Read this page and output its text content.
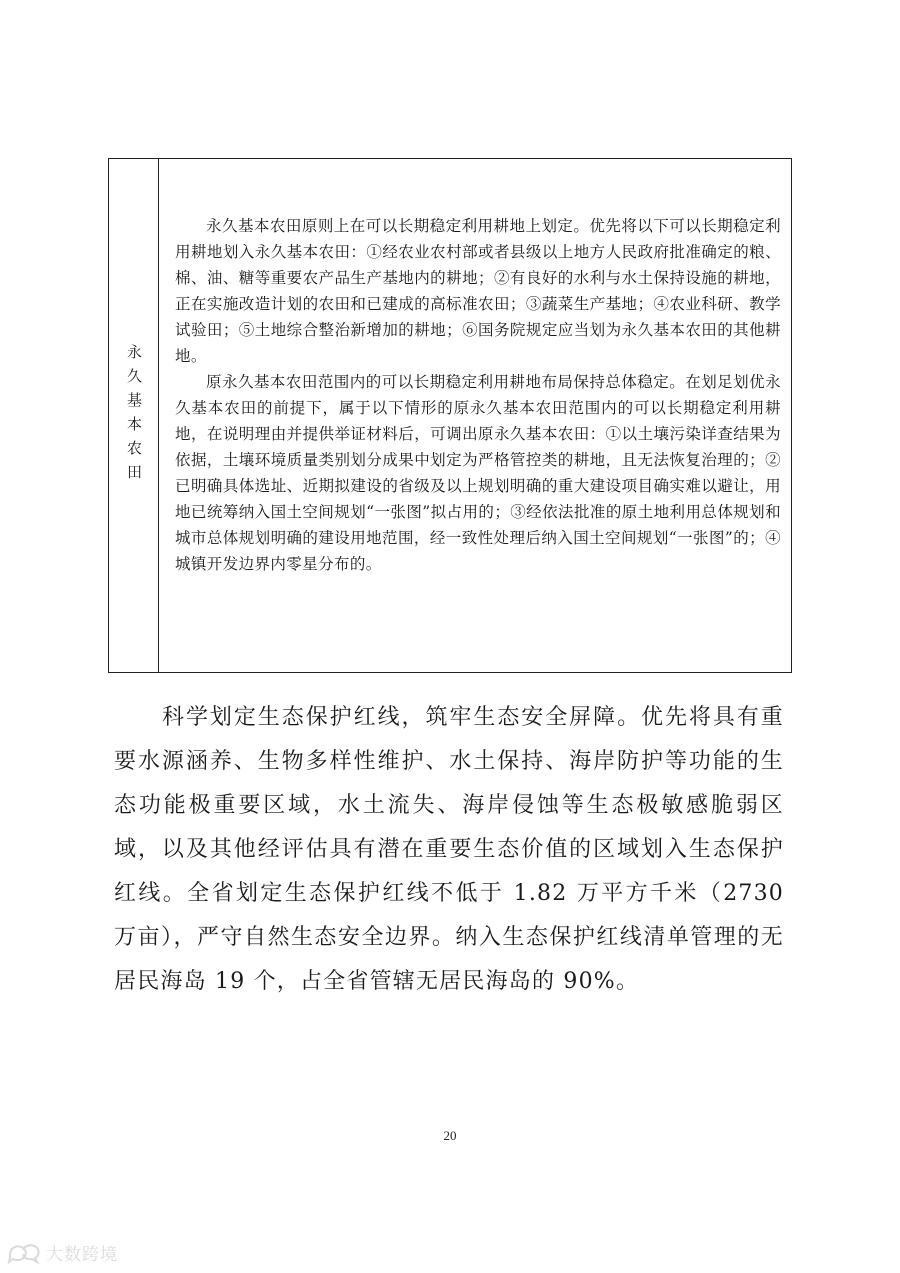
永久基本农田

永久基本农田原则上在可以长期稳定利用耕地上划定。优先将以下可以长期稳定利用耕地划入永久基本农田：①经农业农村部或者县级以上地方人民政府批准确定的粮、棉、油、糖等重要农产品生产基地内的耕地；②有良好的水利与水土保持设施的耕地，正在实施改造计划的农田和已建成的高标准农田；③蔬菜生产基地；④农业科研、教学试验田；⑤土地综合整治新增加的耕地；⑥国务院规定应当划为永久基本农田的其他耕地。

原永久基本农田范围内的可以长期稳定利用耕地布局保持总体稳定。在划足划优永久基本农田的前提下，属于以下情形的原永久基本农田范围内的可以长期稳定利用耕地，在说明理由并提供举证材料后，可调出原永久基本农田：①以土壤污染详查结果为依据，土壤环境质量类别划分成果中划定为严格管控类的耕地，且无法恢复治理的；②已明确具体选址、近期拟建设的省级及以上规划明确的重大建设项目确实难以避让，用地已统筹纳入国土空间规划“一张图”拟占用的；③经依法批准的原土地利用总体规划和城市总体规划明确的建设用地范围，经一致性处理后纳入国土空间规划“一张图”的；④城镇开发边界内零星分布的。

科学划定生态保护红线，筑牢生态安全屏障。优先将具有重要水源涵养、生物多样性维护、水土保持、海岸防护等功能的生态功能极重要区域，水土流失、海岸侵蚀等生态极敏感脆弱区域，以及其他经评估具有潜在重要生态价值的区域划入生态保护红线。全省划定生态保护红线不低于 1.82 万平方千米（2730 万亩），严守自然生态安全边界。纳入生态保护红线清单管理的无居民海岛 19 个，占全省管辖无居民海岛的 90%。

20
大数跨境
